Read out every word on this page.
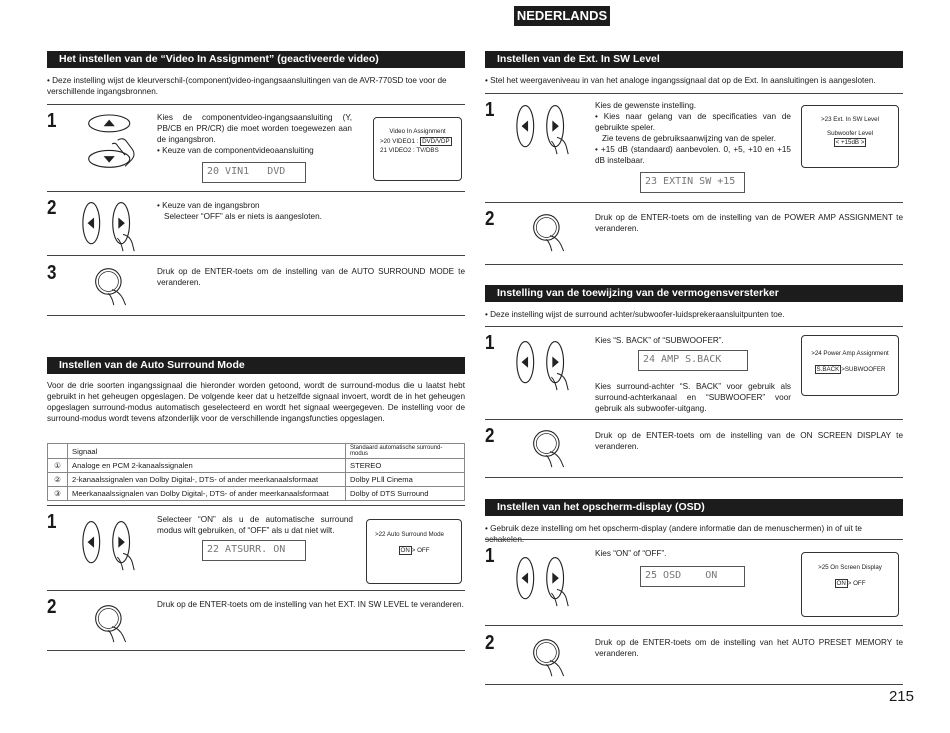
NEDERLANDS
Het instellen van de “Video In Assignment” (geactiveerde video)
• Deze instelling wijst de kleurverschil-(component)video-ingangsaansluitingen van de AVR-770SD toe voor de verschillende ingangsbronnen.
1	Kies de componentvideo-ingangsaansluiting (Y, PB/CB en PR/CR) die moet worden toegewezen aan de ingangsbron.
• Keuze van de componentvideoaansluiting
20 VIN1   DVD
Video In Assignment
>20 VIDEO1 : DVD/VDP
21 VIDEO2 : TV/DBS
2	• Keuze van de ingangsbron
Selecteer “OFF” als er niets is aangesloten.
3	Druk op de ENTER-toets om de instelling van de AUTO SURROUND MODE te veranderen.
Instellen van de Auto Surround Mode
Voor de drie soorten ingangssignaal die hieronder worden getoond, wordt de surround-modus die u laatst hebt gebruikt in het geheugen opgeslagen. De volgende keer dat u hetzelfde signaal invoert, wordt de in het geheugen opgeslagen surround-modus automatisch geselecteerd en wordt het signaal weergegeven. De instelling voor de surround-modus wordt tevens afzonderlijk voor de verschillende ingangsfuncties opgeslagen.
	Signaal	Standaard automatische surround-modus
①	Analoge en PCM 2-kanaalssignalen	STEREO
②	2-kanaalssignalen van Dolby Digital-, DTS- of ander meerkanaalsformaat	Dolby PLⅡ Cinema
③	Meerkanaalssignalen van Dolby Digital-, DTS- of ander meerkanaalsformaat	Dolby of DTS Surround
1	Selecteer “ON” als u de automatische surround modus wilt gebruiken, of “OFF” als u dat niet wilt.
22 ATSURR. ON
>22 Auto Surround Mode
ON > OFF
2	Druk op de ENTER-toets om de instelling van het EXT. IN SW LEVEL te veranderen.
Instellen van de Ext. In SW Level
• Stel het weergaveniveau in van het analoge ingangssignaal dat op de Ext. In aansluitingen is aangesloten.
1	Kies de gewenste instelling.
• Kies naar gelang van de specificaties van de gebruikte speler.
Zie tevens de gebruiksaanwijzing van de speler.
• +15 dB (standaard) aanbevolen. 0, +5, +10 en +15 dB instelbaar.
23 EXTIN SW +15
>23 Ext. In SW Level
Subwoofer Level
< +15dB >
2	Druk op de ENTER-toets om de instelling van de POWER AMP ASSIGNMENT te veranderen.
Instelling van de toewijzing van de vermogensversterker
• Deze instelling wijst de surround achter/subwoofer-luidsprekeraansluitpunten toe.
1	Kies “S. BACK” of “SUBWOOFER”.
24 AMP S.BACK
Kies surround-achter “S. BACK” voor gebruik als surround-achterkanaal en “SUBWOOFER” voor gebruik als subwoofer-uitgang.
>24 Power Amp Assignment
S.BACK >SUBWOOFER
2	Druk op de ENTER-toets om de instelling van de ON SCREEN DISPLAY te veranderen.
Instellen van het opscherm-display (OSD)
• Gebruik deze instelling om het opscherm-display (andere informatie dan de menuschermen) in of uit te
1	Kies “ON” of “OFF”.
25 OSD    ON
>25 On Screen Display
ON > OFF
2	Druk op de ENTER-toets om de instelling van het AUTO PRESET MEMORY te veranderen.
215
